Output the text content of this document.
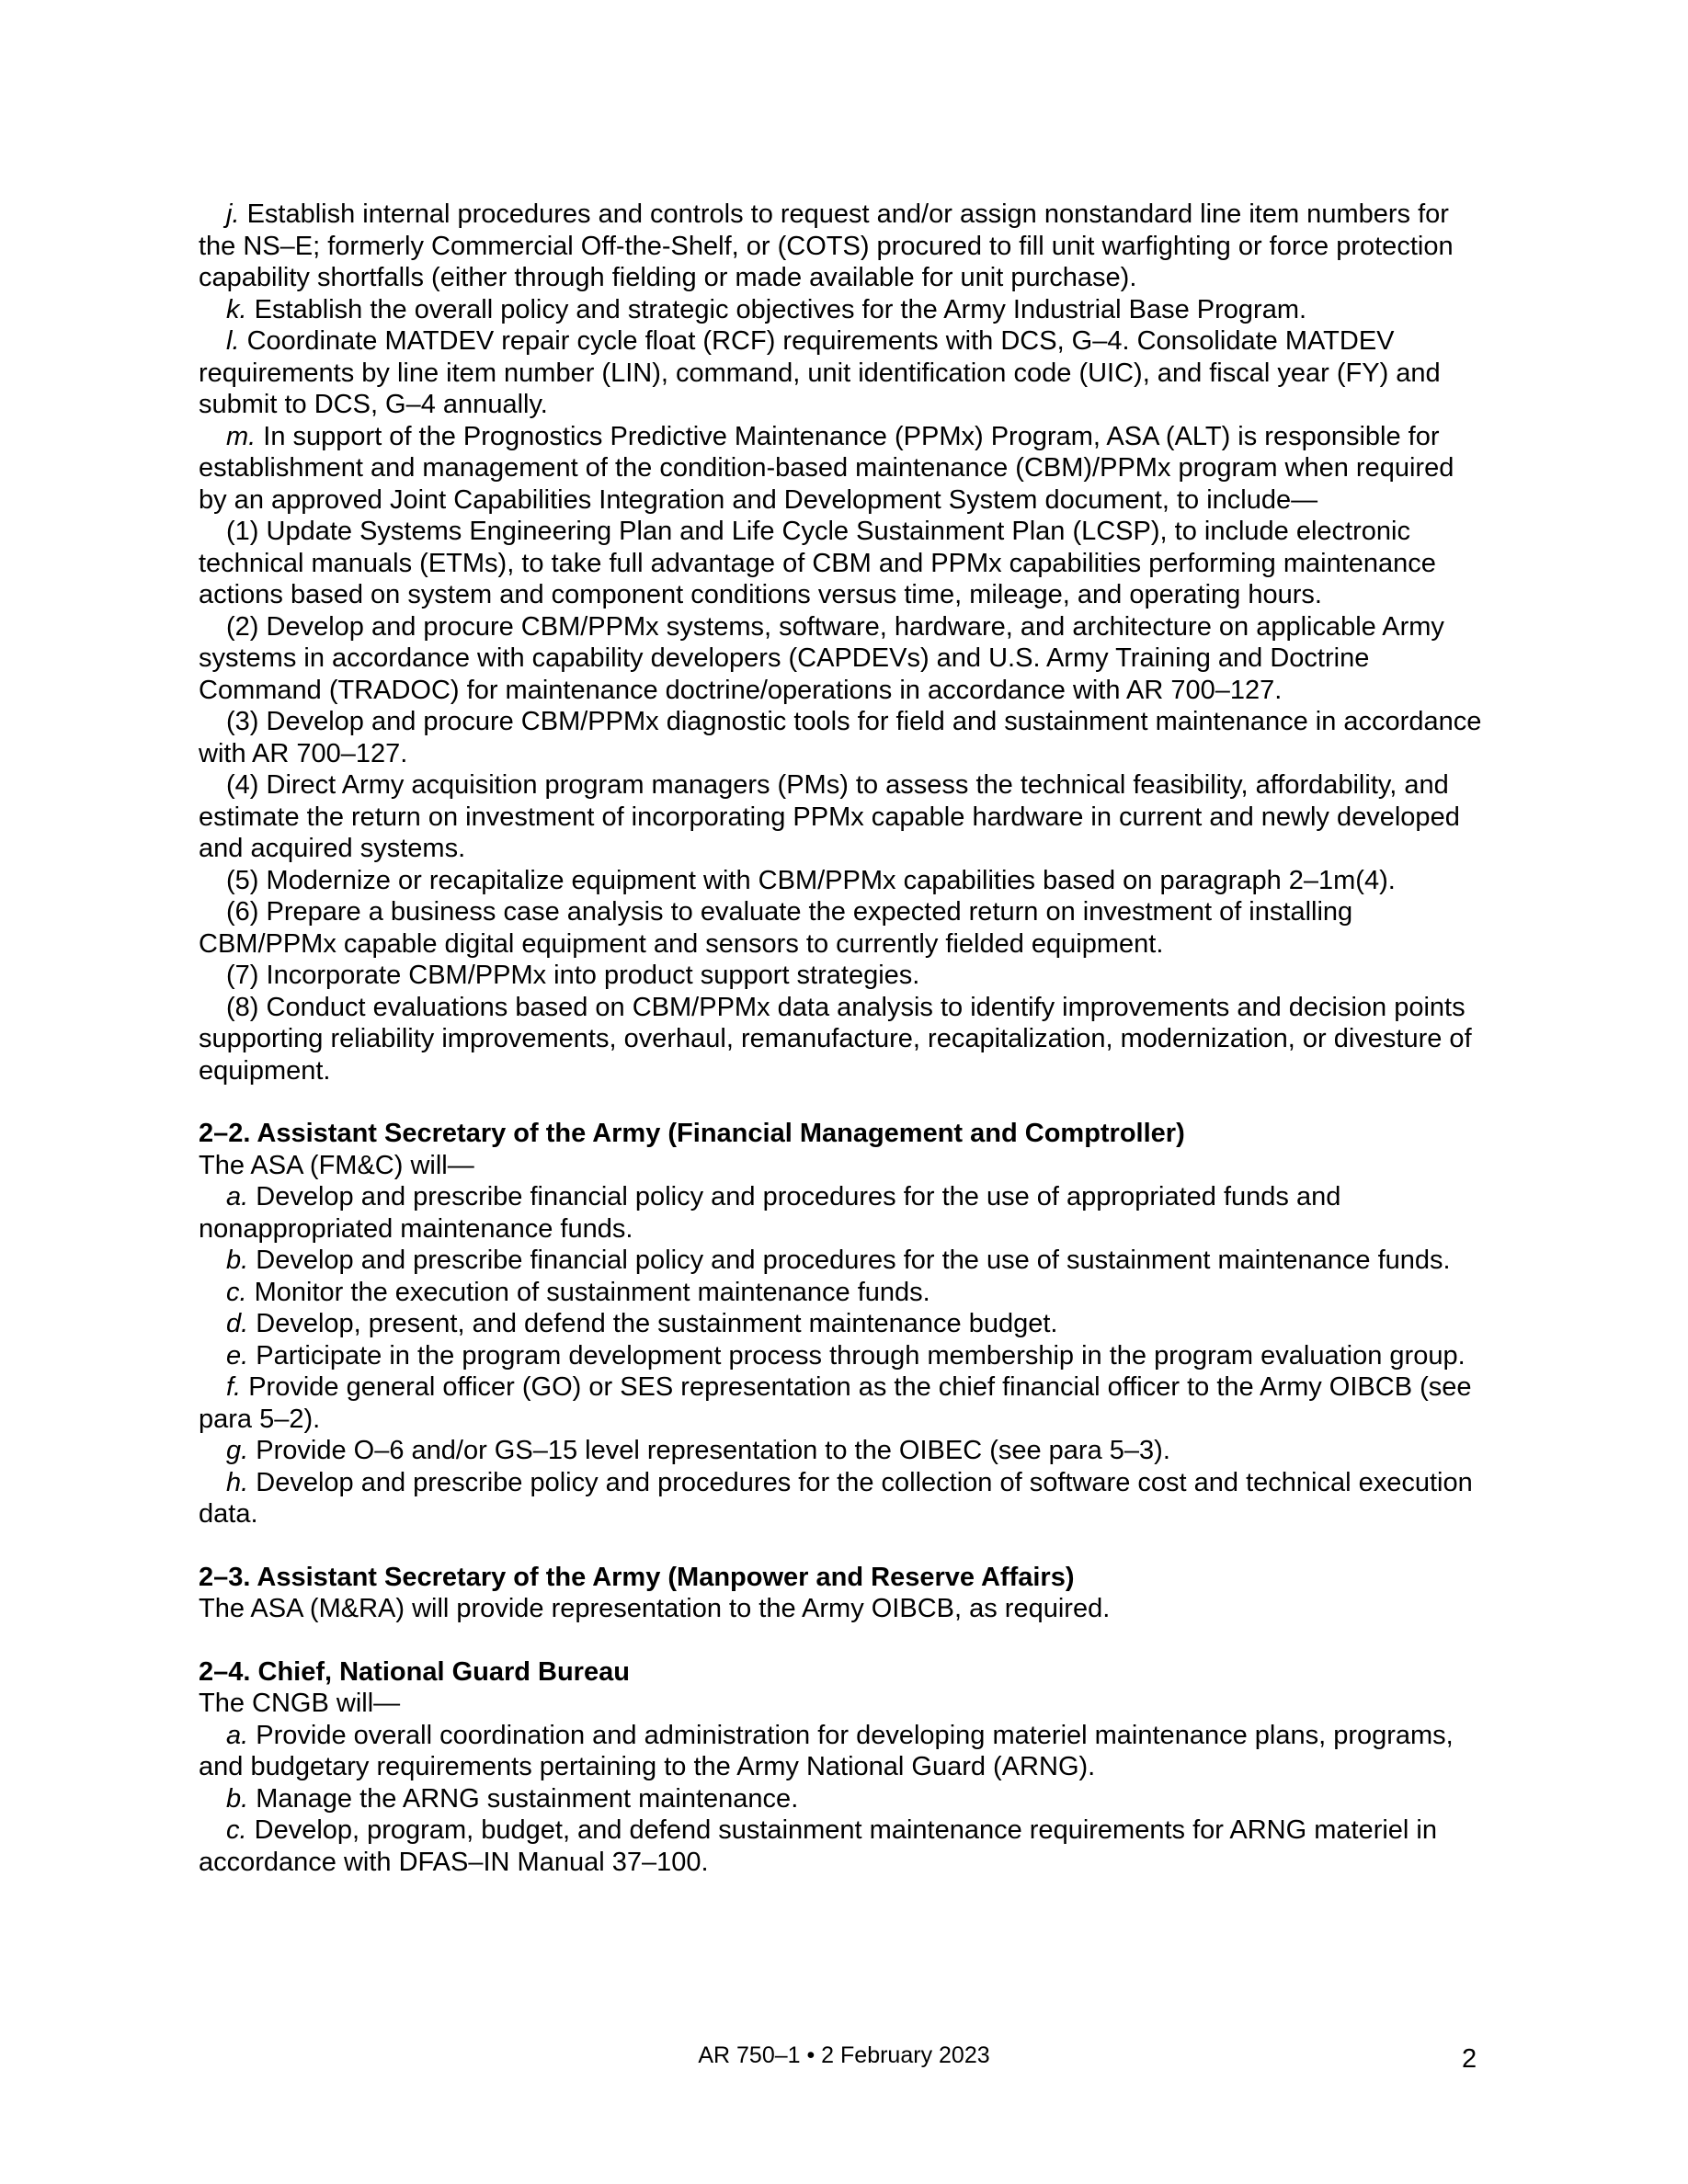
j. Establish internal procedures and controls to request and/or assign nonstandard line item numbers for the NS–E; formerly Commercial Off-the-Shelf, or (COTS) procured to fill unit warfighting or force protection capability shortfalls (either through fielding or made available for unit purchase).

k. Establish the overall policy and strategic objectives for the Army Industrial Base Program.

l. Coordinate MATDEV repair cycle float (RCF) requirements with DCS, G–4. Consolidate MATDEV requirements by line item number (LIN), command, unit identification code (UIC), and fiscal year (FY) and submit to DCS, G–4 annually.

m. In support of the Prognostics Predictive Maintenance (PPMx) Program, ASA (ALT) is responsible for establishment and management of the condition-based maintenance (CBM)/PPMx program when required by an approved Joint Capabilities Integration and Development System document, to include—

(1) Update Systems Engineering Plan and Life Cycle Sustainment Plan (LCSP), to include electronic technical manuals (ETMs), to take full advantage of CBM and PPMx capabilities performing maintenance actions based on system and component conditions versus time, mileage, and operating hours.

(2) Develop and procure CBM/PPMx systems, software, hardware, and architecture on applicable Army systems in accordance with capability developers (CAPDEVs) and U.S. Army Training and Doctrine Command (TRADOC) for maintenance doctrine/operations in accordance with AR 700–127.

(3) Develop and procure CBM/PPMx diagnostic tools for field and sustainment maintenance in accordance with AR 700–127.

(4) Direct Army acquisition program managers (PMs) to assess the technical feasibility, affordability, and estimate the return on investment of incorporating PPMx capable hardware in current and newly developed and acquired systems.

(5) Modernize or recapitalize equipment with CBM/PPMx capabilities based on paragraph 2–1m(4).

(6) Prepare a business case analysis to evaluate the expected return on investment of installing CBM/PPMx capable digital equipment and sensors to currently fielded equipment.

(7) Incorporate CBM/PPMx into product support strategies.

(8) Conduct evaluations based on CBM/PPMx data analysis to identify improvements and decision points supporting reliability improvements, overhaul, remanufacture, recapitalization, modernization, or divesture of equipment.

2–2. Assistant Secretary of the Army (Financial Management and Comptroller)

The ASA (FM&C) will—

a. Develop and prescribe financial policy and procedures for the use of appropriated funds and nonappropriated maintenance funds.

b. Develop and prescribe financial policy and procedures for the use of sustainment maintenance funds.

c. Monitor the execution of sustainment maintenance funds.

d. Develop, present, and defend the sustainment maintenance budget.

e. Participate in the program development process through membership in the program evaluation group.

f. Provide general officer (GO) or SES representation as the chief financial officer to the Army OIBCB (see para 5–2).

g. Provide O–6 and/or GS–15 level representation to the OIBEC (see para 5–3).

h. Develop and prescribe policy and procedures for the collection of software cost and technical execution data.

2–3. Assistant Secretary of the Army (Manpower and Reserve Affairs)

The ASA (M&RA) will provide representation to the Army OIBCB, as required.

2–4. Chief, National Guard Bureau

The CNGB will—

a. Provide overall coordination and administration for developing materiel maintenance plans, programs, and budgetary requirements pertaining to the Army National Guard (ARNG).

b. Manage the ARNG sustainment maintenance.

c. Develop, program, budget, and defend sustainment maintenance requirements for ARNG materiel in accordance with DFAS–IN Manual 37–100.

AR 750–1 • 2 February 2023	2
